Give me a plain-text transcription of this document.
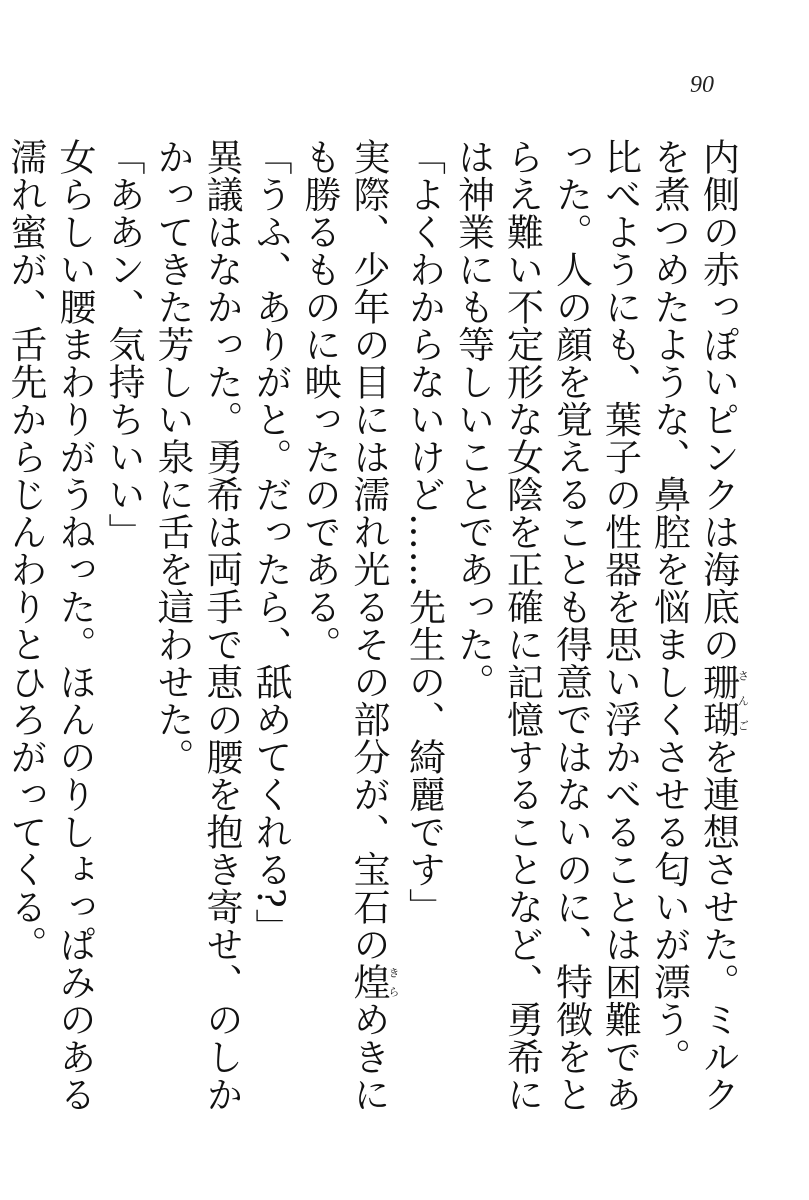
90

内側の赤っぽいピンクは海底の珊瑚さんごを連想させた。ミルクを煮つめたような、鼻腔を悩ましくさせる匂いが漂う。

比べようにも、葉子の性器を思い浮かべることは困難であった。人の顔を覚えることも得意ではないのに、特徴をとらえ難い不定形な女陰を正確に記憶することなど、勇希には神業にも等しいことであった。

「よくわからないけど……先生の、綺麗です」

実際、少年の目には濡れ光るその部分が、宝石の煌きらめきにも勝るものに映ったのである。

「うふ、ありがと。だったら、舐めてくれる?」

異議はなかった。勇希は両手で恵の腰を抱き寄せ、のしかかってきた芳しい泉に舌を這わせた。

「ああン、気持ちいい」

女らしい腰まわりがうねった。ほんのりしょっぱみのある濡れ蜜が、舌先からじんわりとひろがってくる。
